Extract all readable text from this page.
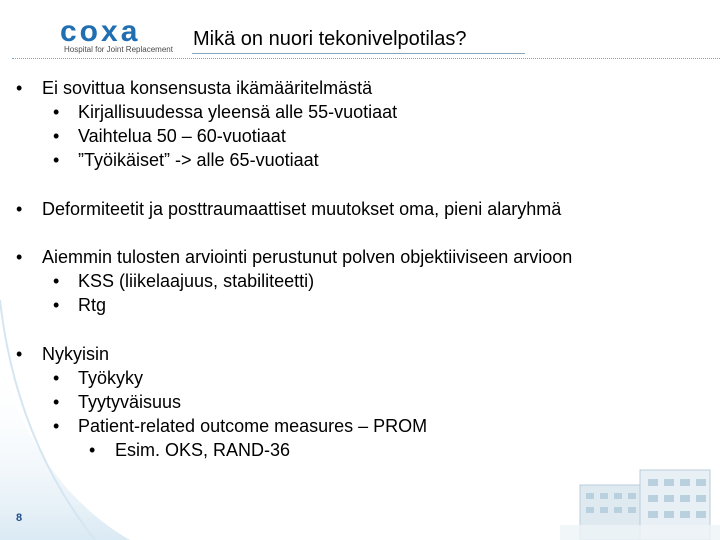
coxa
Hospital for Joint Replacement Mikä on nuori tekonivelpotilas?
• Ei sovittua konsensusta ikämääritelmästä
• Kirjallisuudessa yleensä alle 55-vuotiaat
• Vaihtelua 50 – 60-vuotiaat
• ”Työikäiset” -> alle 65-vuotiaat
• Deformiteetit ja posttraumaattiset muutokset oma, pieni alaryhmä
• Aiemmin tulosten arviointi perustunut polven objektiiviseen arvioon
• KSS (liikelaajuus, stabiliteetti)
• Rtg
• Nykyisin
• Työkyky
• Tyytyväisuus
• Patient-related outcome measures – PROM
• Esim. OKS, RAND-36
8
